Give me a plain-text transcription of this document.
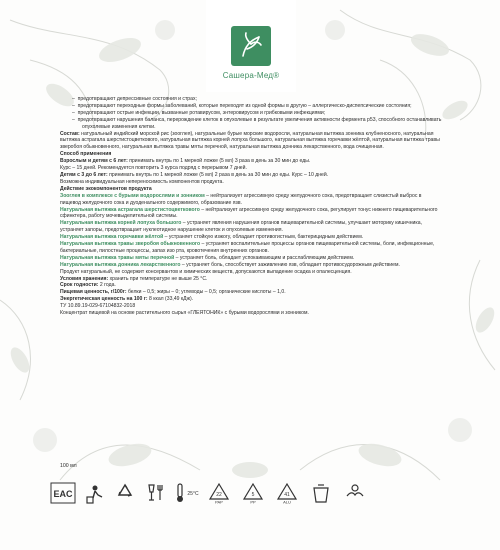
Сашера-Мед®

–  предотвращают депрессивные состояния и страх;

–  предотвращают переходные формы заболеваний, которые переходят из одной формы в другую – аллергическо-диспепсические состояния;

–  предотвращают острые инфекции, вызванные ротавирусом, энтеровирусом и грибковыми инфекциями;

–  предотвращают нарушения баланса, перерождение клеток в опухолевые в результате увеличения активности фермента р53, способного останавливать опухолевые изменения клетки.

Состав: натуральный индийский морской рис (зооглея), натуральные бурые морские водоросли, натуральная вытяжка зонника клубненосного, натуральная вытяжка астрагала шерстистоцветкового, натуральная вытяжка корней лопуха большого, натуральная вытяжка горечавки жёлтой, натуральная вытяжка травы зверобоя обыкновенного, натуральная вытяжка травы мяты перечной, натуральная вытяжка донника лекарственного, вода очищенная.

Способ применения

Взрослым и детям с 6 лет: принимать внутрь по 1 мерной ложке (5 мл) 3 раза в день за 30 мин до еды.

Курс – 15 дней. Рекомендуется повторить 3 курса подряд с перерывом 7 дней.

Детям с 3 до 6 лет: принимать внутрь по 1 мерной ложке (5 мл) 2 раза в день за 30 мин до еды. Курс – 10 дней.

Возможна индивидуальная непереносимость компонентов продукта.

Действие экокомпонентов продукта

Зооглея в комплексе с бурыми водорослями и зонником – нейтрализует агрессивную среду желудочного сока, предотвращает слизистый выброс в пищевод желудочного сока и дуоденального содержимого, образование язв.

Натуральная вытяжка астрагала шерстистоцветкового – нейтрализует агрессивную среду желудочного сока, регулирует тонус нижнего пищеварительного сфинктера, работу мочевыделительной системы.

Натуральная вытяжка корней лопуха большого – устраняет явления нарушения органов пищеварительной системы, улучшает моторику кишечника, устраняет запоры, предотвращает нуклеотидное нарушение клеток и опухолевые изменения.

Натуральная вытяжка горечавки жёлтой – устраняет стойкую изжогу, обладает противогистным, бактерицидным действием.

Натуральная вытяжка травы зверобоя обыкновенного – устраняет воспалительные процессы органов пищеварительной системы, боли, инфекционные, бактериальные, пилостные процессы, запах изо рта, кровотечения внутренних органов.

Натуральная вытяжка травы мяты перечной – устраняет боль, обладает успокаивающим и расслабляющим действием.

Натуральная вытяжка донника лекарственного – устраняет боль, способствует заживлению язв, обладает противосудорожным действием.

Продукт натуральный, не содержит консервантов и химических веществ, допускаются выпадение осадка и опалесценция.

Условия хранения: хранить при температуре не выше 25 °С.

Срок годности: 2 года.

Пищевая ценность, г/100г: белки – 0,5; жиры – 0; углеводы – 0,5; органические кислоты – 1,0.

Энергетическая ценность на 100 г: 8 ккал (33,49 кДж).

ТУ 10.89.19-029-67104832-2018

Концентрат пищевой на основе растительного сырья «ГЛЕЯТОНИК» с бурыми водорослями и зонником.

100 мл
EAC	25°C	22
PAP
5
PP
41
ALU
